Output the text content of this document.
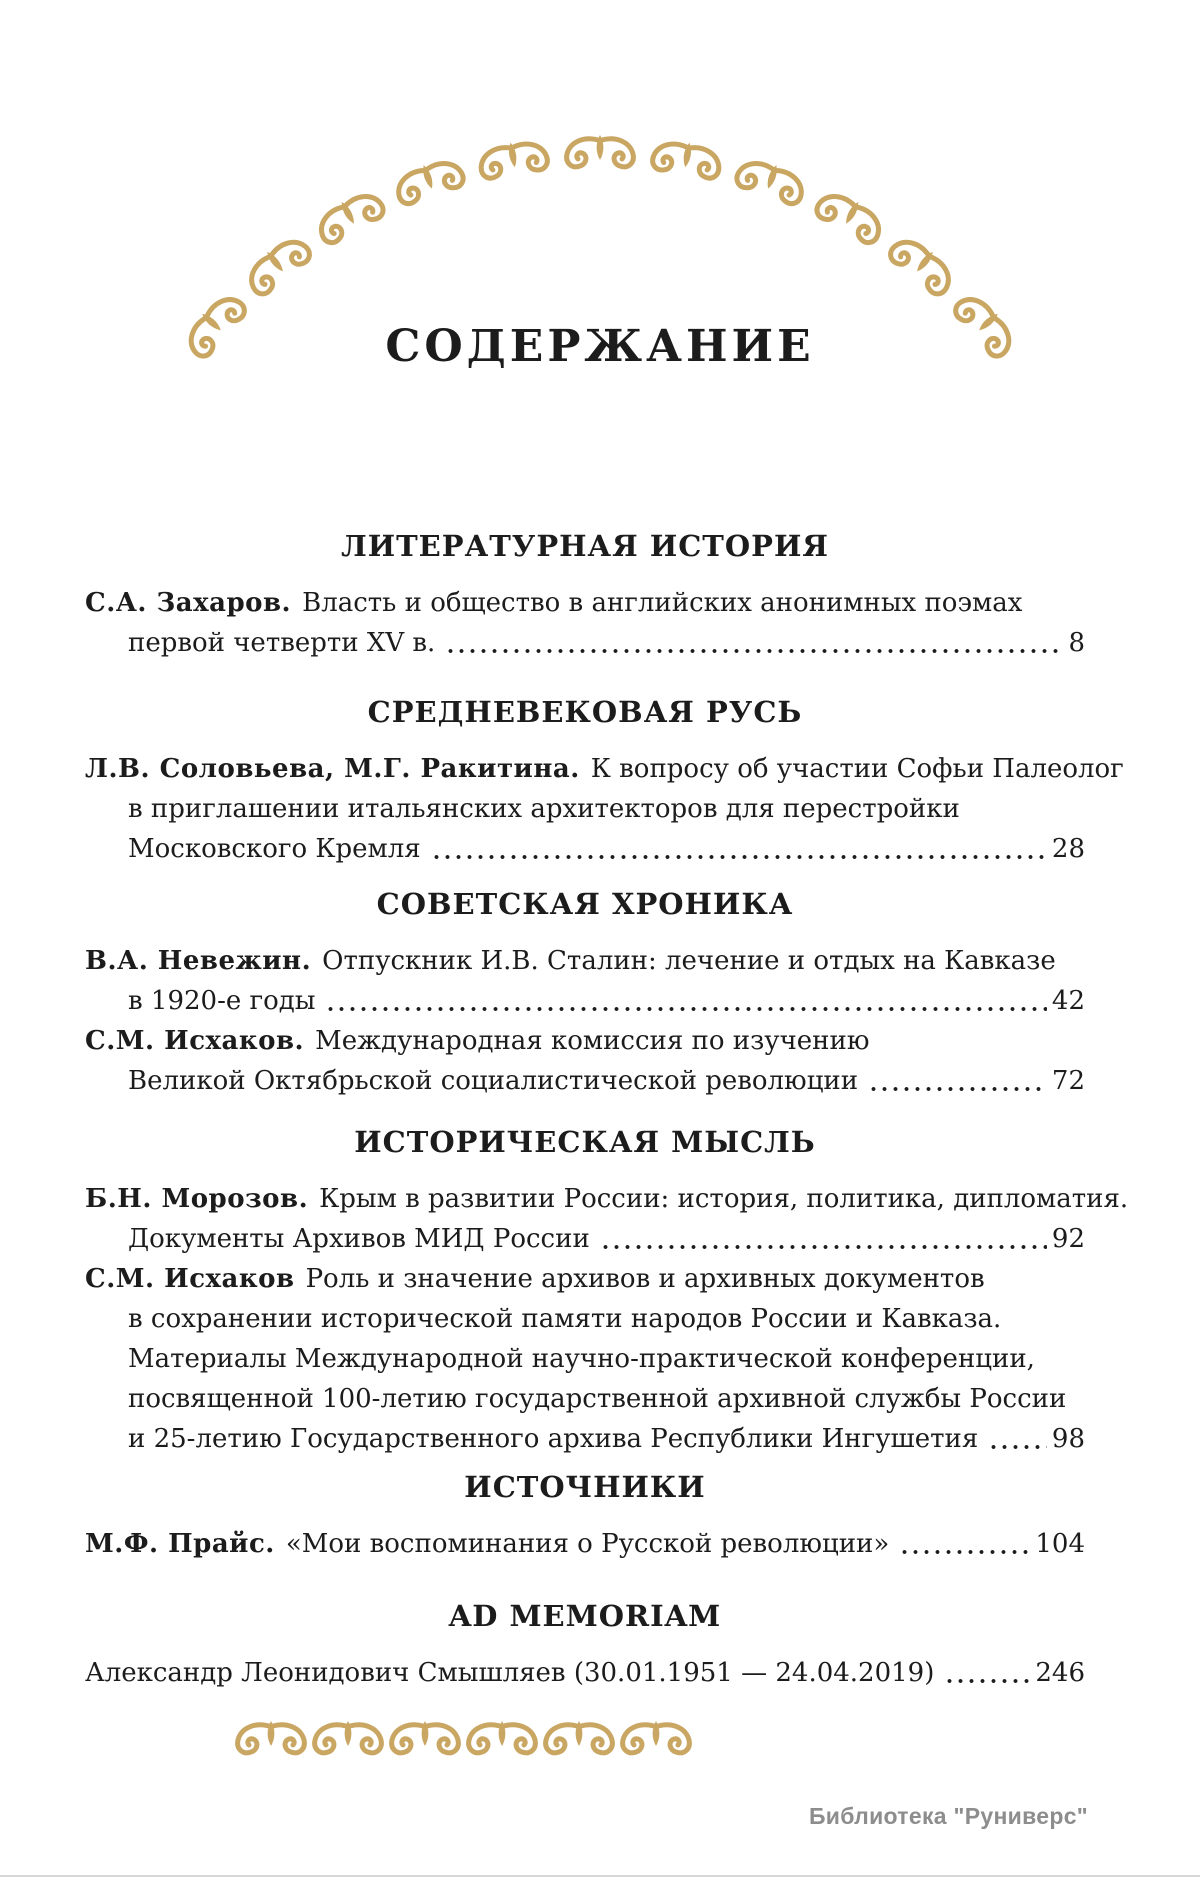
СОДЕРЖАНИЕ
ЛИТЕРАТУРНАЯ ИСТОРИЯ
С.А. Захаров. Власть и общество в английских анонимных поэмах
первой четверти XV в.	8
СРЕДНЕВЕКОВАЯ РУСЬ
Л.В. Соловьева, М.Г. Ракитина. К вопросу об участии Софьи Палеолог
в приглашении итальянских архитекторов для перестройки
Московского Кремля	28
СОВЕТСКАЯ ХРОНИКА
В.А. Невежин. Отпускник И.В. Сталин: лечение и отдых на Кавказе
в 1920-е годы	42
С.М. Исхаков. Международная комиссия по изучению
Великой Октябрьской социалистической революции	72
ИСТОРИЧЕСКАЯ МЫСЛЬ
Б.Н. Морозов. Крым в развитии России: история, политика, дипломатия.
Документы Архивов МИД России	92
С.М. Исхаков Роль и значение архивов и архивных документов
в сохранении исторической памяти народов России и Кавказа.
Материалы Международной научно-практической конференции,
посвященной 100-летию государственной архивной службы России
и 25-летию Государственного архива Республики Ингушетия	98
ИСТОЧНИКИ
М.Ф. Прайс. «Мои воспоминания о Русской революции»	104
AD MEMORIAM
Александр Леонидович Смышляев (30.01.1951 — 24.04.2019)	246
Библиотека "Руниверс"
